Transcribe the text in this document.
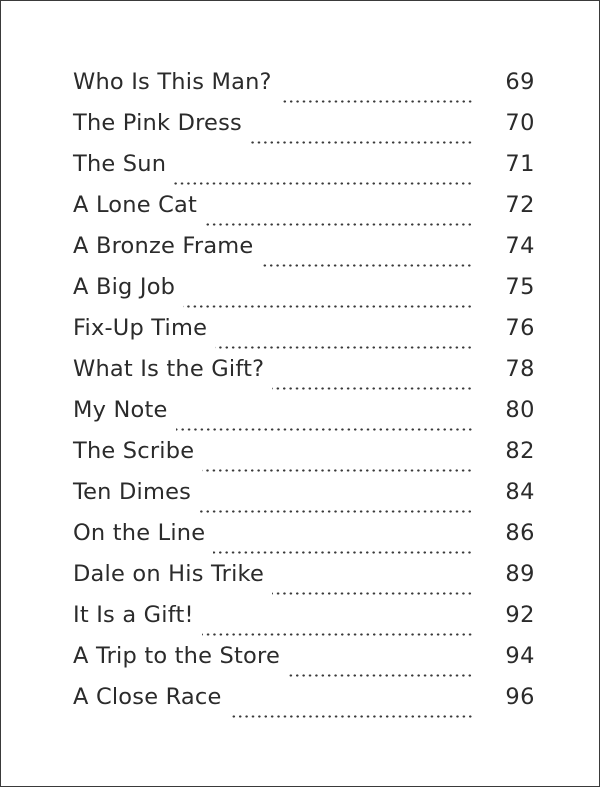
Who Is This Man?	69
The Pink Dress	70
The Sun	71
A Lone Cat	72
A Bronze Frame	74
A Big Job	75
Fix-Up Time	76
What Is the Gift?	78
My Note	80
The Scribe	82
Ten Dimes	84
On the Line	86
Dale on His Trike	89
It Is a Gift!	92
A Trip to the Store	94
A Close Race	96
